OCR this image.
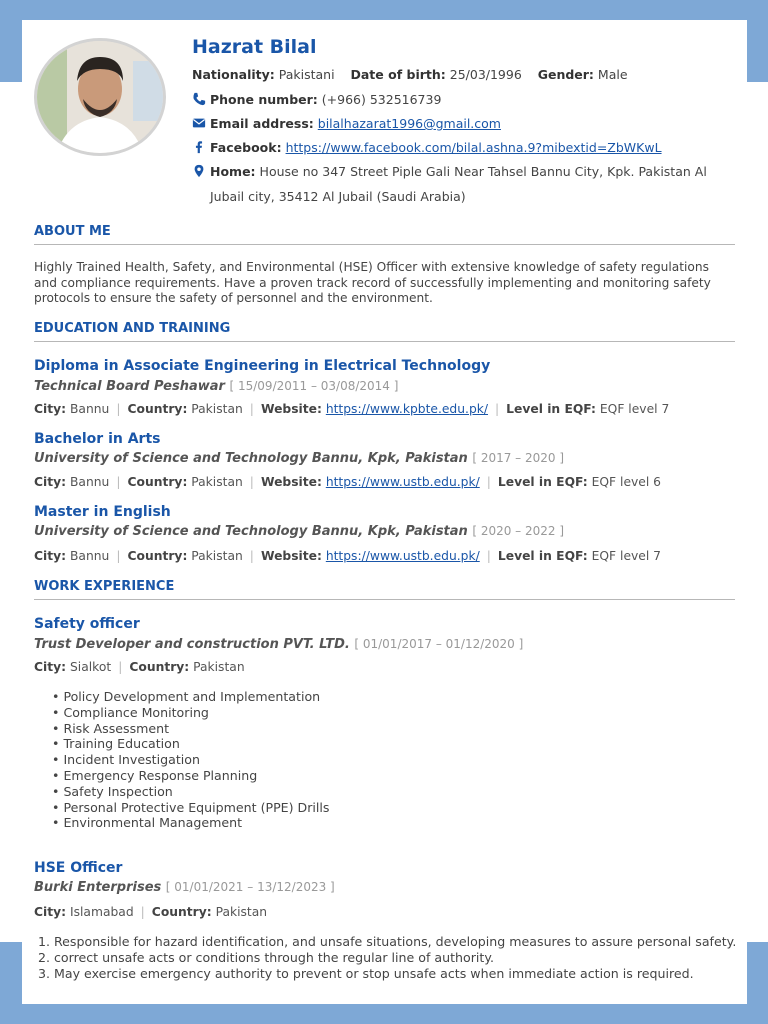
Hazrat Bilal
Nationality: Pakistani Date of birth: 25/03/1996 Gender: Male
Phone number: (+966) 532516739
Email address: bilalhazarat1996@gmail.com
Facebook: https://www.facebook.com/bilal.ashna.9?mibextid=ZbWKwL
Home: House no 347 Street Piple Gali Near Tahsel Bannu City, Kpk. Pakistan Al
Jubail city, 35412 Al Jubail (Saudi Arabia)
ABOUT ME
Highly Trained Health, Safety, and Environmental (HSE) Officer with extensive knowledge of safety regulations and compliance requirements. Have a proven track record of successfully implementing and monitoring safety protocols to ensure the safety of personnel and the environment.
EDUCATION AND TRAINING
Diploma in Associate Engineering in Electrical Technology
Technical Board Peshawar [ 15/09/2011 – 03/08/2014 ]
City: Bannu | Country: Pakistan | Website: https://www.kpbte.edu.pk/ | Level in EQF: EQF level 7
Bachelor in Arts
University of Science and Technology Bannu, Kpk, Pakistan [ 2017 – 2020 ]
City: Bannu | Country: Pakistan | Website: https://www.ustb.edu.pk/ | Level in EQF: EQF level 6
Master in English
University of Science and Technology Bannu, Kpk, Pakistan [ 2020 – 2022 ]
City: Bannu | Country: Pakistan | Website: https://www.ustb.edu.pk/ | Level in EQF: EQF level 7
WORK EXPERIENCE
Safety officer
Trust Developer and construction PVT. LTD. [ 01/01/2017 – 01/12/2020 ]
City: Sialkot | Country: Pakistan
• Policy Development and Implementation
• Compliance Monitoring
• Risk Assessment
• Training Education
• Incident Investigation
• Emergency Response Planning
• Safety Inspection
• Personal Protective Equipment (PPE) Drills
• Environmental Management
HSE Officer
Burki Enterprises [ 01/01/2021 – 13/12/2023 ]
City: Islamabad | Country: Pakistan
1. Responsible for hazard identification, and unsafe situations, developing measures to assure personal safety.
2. correct unsafe acts or conditions through the regular line of authority.
3. May exercise emergency authority to prevent or stop unsafe acts when immediate action is required.
